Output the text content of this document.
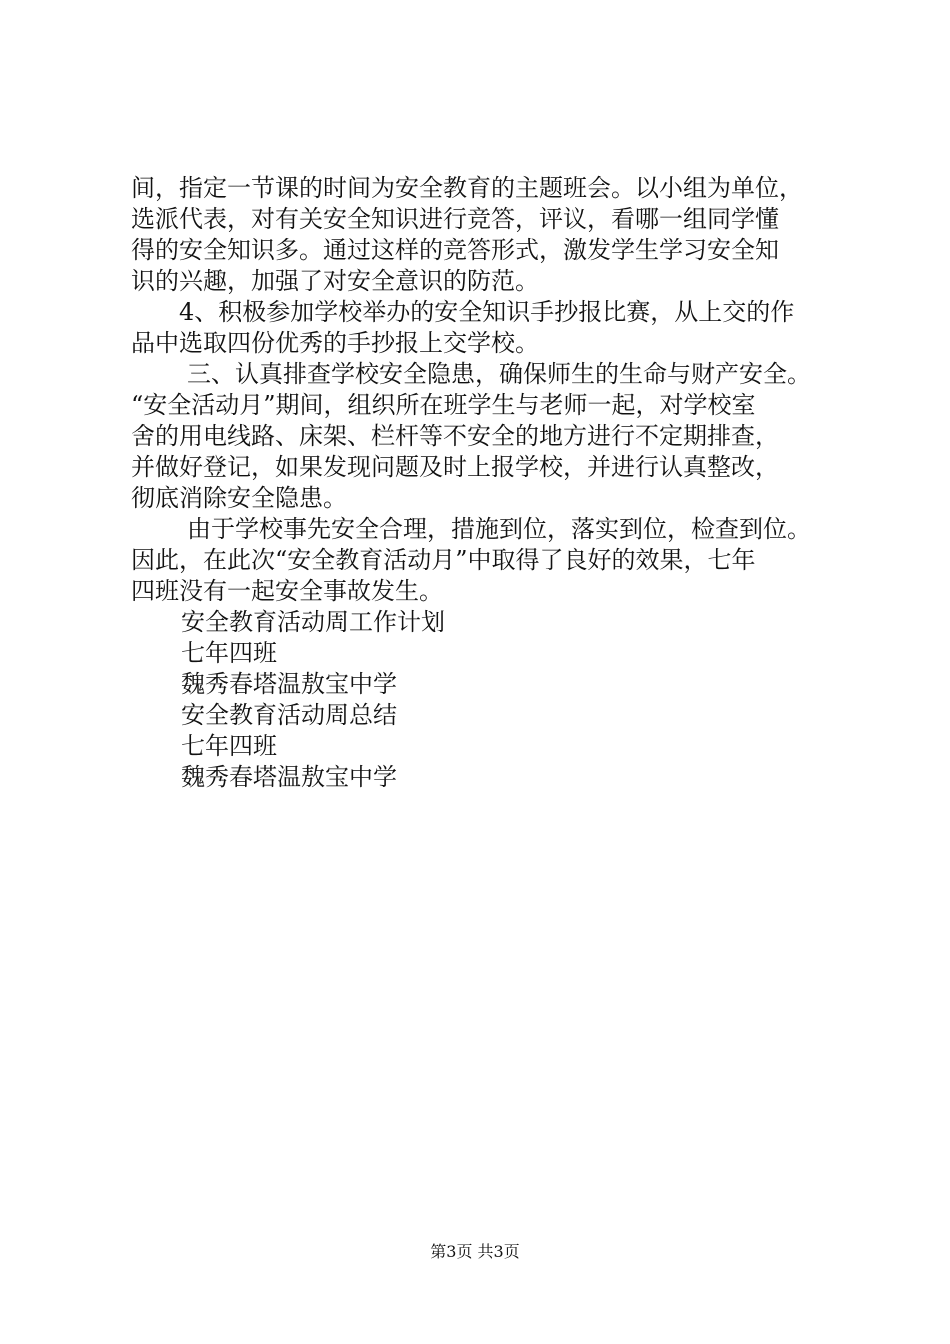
间，指定一节课的时间为安全教育的主题班会。以小组为单位，
选派代表，对有关安全知识进行竞答，评议，看哪一组同学懂
得的安全知识多。通过这样的竞答形式，激发学生学习安全知
识的兴趣，加强了对安全意识的防范。
4、积极参加学校举办的安全知识手抄报比赛，从上交的作
品中选取四份优秀的手抄报上交学校。
三、认真排查学校安全隐患，确保师生的生命与财产安全。
“安全活动月”期间，组织所在班学生与老师一起，对学校室
舍的用电线路、床架、栏杆等不安全的地方进行不定期排查，
并做好登记，如果发现问题及时上报学校，并进行认真整改，
彻底消除安全隐患。
由于学校事先安全合理，措施到位，落实到位，检查到位。
因此，在此次“安全教育活动月”中取得了良好的效果，七年
四班没有一起安全事故发生。
安全教育活动周工作计划
七年四班
魏秀春塔温敖宝中学
安全教育活动周总结
七年四班
魏秀春塔温敖宝中学
第3页 共3页
